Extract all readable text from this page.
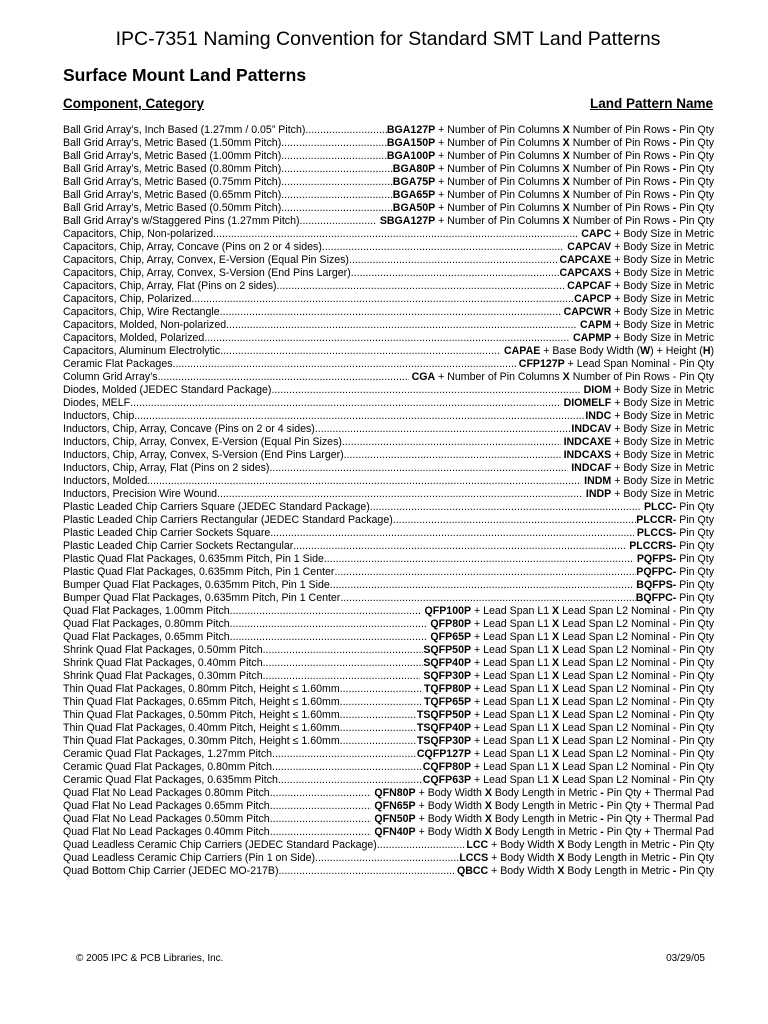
IPC-7351 Naming Convention for Standard SMT Land Patterns
Surface Mount Land Patterns
Component, Category	Land Pattern Name
Ball Grid Array’s, Inch Based (1.27mm / 0.05” Pitch) .....	BGA127P + Number of Pin Columns X Number of Pin Rows - Pin Qty
Ball Grid Array’s, Metric Based (1.50mm Pitch) .....	BGA150P + Number of Pin Columns X Number of Pin Rows - Pin Qty
Ball Grid Array’s, Metric Based (1.00mm Pitch) .....	BGA100P + Number of Pin Columns X Number of Pin Rows - Pin Qty
Ball Grid Array’s, Metric Based (0.80mm Pitch) .....	BGA80P + Number of Pin Columns X Number of Pin Rows - Pin Qty
Ball Grid Array’s, Metric Based (0.75mm Pitch) .....	BGA75P + Number of Pin Columns X Number of Pin Rows - Pin Qty
Ball Grid Array’s, Metric Based (0.65mm Pitch) .....	BGA65P + Number of Pin Columns X Number of Pin Rows - Pin Qty
Ball Grid Array’s, Metric Based (0.50mm Pitch) .....	BGA50P + Number of Pin Columns X Number of Pin Rows - Pin Qty
Ball Grid Array’s w/Staggered Pins (1.27mm Pitch) .....	SBGA127P + Number of Pin Columns X Number of Pin Rows - Pin Qty
Capacitors, Chip, Non-polarized .....	CAPC + Body Size in Metric
Capacitors, Chip, Array, Concave (Pins on 2 or 4 sides) .....	CAPCAV + Body Size in Metric
Capacitors, Chip, Array, Convex, E-Version (Equal Pin Sizes) .....	CAPCAXE + Body Size in Metric
Capacitors, Chip, Array, Convex, S-Version (End Pins Larger) .....	CAPCAXS + Body Size in Metric
Capacitors, Chip, Array, Flat (Pins on 2 sides) .....	CAPCAF + Body Size in Metric
Capacitors, Chip, Polarized .....	CAPCP + Body Size in Metric
Capacitors, Chip, Wire Rectangle .....	CAPCWR + Body Size in Metric
Capacitors, Molded, Non-polarized .....	CAPM + Body Size in Metric
Capacitors, Molded, Polarized .....	CAPMP + Body Size in Metric
Capacitors, Aluminum Electrolytic .....	CAPAE + Base Body Width (W) + Height (H)
Ceramic Flat Packages .....	CFP127P + Lead Span Nominal - Pin Qty
Column Grid Array’s .....	CGA + Number of Pin Columns X Number of Pin Rows - Pin Qty
Diodes, Molded (JEDEC Standard Package) .....	DIOM + Body Size in Metric
Diodes, MELF .....	DIOMELF + Body Size in Metric
Inductors, Chip .....	INDC + Body Size in Metric
Inductors, Chip, Array, Concave (Pins on 2 or 4 sides) .....	INDCAV + Body Size in Metric
Inductors, Chip, Array, Convex, E-Version (Equal Pin Sizes) .....	INDCAXE + Body Size in Metric
Inductors, Chip, Array, Convex, S-Version (End Pins Larger) .....	INDCAXS + Body Size in Metric
Inductors, Chip, Array, Flat (Pins on 2 sides) .....	INDCAF + Body Size in Metric
Inductors, Molded .....	INDM + Body Size in Metric
Inductors, Precision Wire Wound .....	INDP + Body Size in Metric
Plastic Leaded Chip Carriers Square (JEDEC Standard Package) .....	PLCC- Pin Qty
Plastic Leaded Chip Carriers Rectangular (JEDEC Standard Package) .....	PLCCR- Pin Qty
Plastic Leaded Chip Carrier Sockets Square .....	PLCCS- Pin Qty
Plastic Leaded Chip Carrier Sockets Rectangular .....	PLCCRS- Pin Qty
Plastic Quad Flat Packages, 0.635mm Pitch, Pin 1 Side .....	PQFPS- Pin Qty
Plastic Quad Flat Packages, 0.635mm Pitch, Pin 1 Center .....	PQFPC- Pin Qty
Bumper Quad Flat Packages, 0.635mm Pitch, Pin 1 Side .....	BQFPS- Pin Qty
Bumper Quad Flat Packages, 0.635mm Pitch, Pin 1 Center .....	BQFPC- Pin Qty
Quad Flat Packages, 1.00mm Pitch .....	QFP100P + Lead Span L1 X Lead Span L2 Nominal - Pin Qty
Quad Flat Packages, 0.80mm Pitch .....	QFP80P + Lead Span L1 X Lead Span L2 Nominal - Pin Qty
Quad Flat Packages, 0.65mm Pitch .....	QFP65P + Lead Span L1 X Lead Span L2 Nominal - Pin Qty
Shrink Quad Flat Packages, 0.50mm Pitch .....	SQFP50P + Lead Span L1 X Lead Span L2 Nominal - Pin Qty
Shrink Quad Flat Packages, 0.40mm Pitch .....	SQFP40P + Lead Span L1 X Lead Span L2 Nominal - Pin Qty
Shrink Quad Flat Packages, 0.30mm Pitch .....	SQFP30P + Lead Span L1 X Lead Span L2 Nominal - Pin Qty
Thin Quad Flat Packages, 0.80mm Pitch, Height ≤ 1.60mm .....	TQFP80P + Lead Span L1 X Lead Span L2 Nominal - Pin Qty
Thin Quad Flat Packages, 0.65mm Pitch, Height ≤ 1.60mm .....	TQFP65P + Lead Span L1 X Lead Span L2 Nominal - Pin Qty
Thin Quad Flat Packages, 0.50mm Pitch, Height ≤ 1.60mm .....	TSQFP50P + Lead Span L1 X Lead Span L2 Nominal - Pin Qty
Thin Quad Flat Packages, 0.40mm Pitch, Height ≤ 1.60mm .....	TSQFP40P + Lead Span L1 X Lead Span L2 Nominal - Pin Qty
Thin Quad Flat Packages, 0.30mm Pitch, Height ≤ 1.60mm .....	TSQFP30P + Lead Span L1 X Lead Span L2 Nominal - Pin Qty
Ceramic Quad Flat Packages, 1.27mm Pitch .....	CQFP127P + Lead Span L1 X Lead Span L2 Nominal - Pin Qty
Ceramic Quad Flat Packages, 0.80mm Pitch .....	CQFP80P + Lead Span L1 X Lead Span L2 Nominal - Pin Qty
Ceramic Quad Flat Packages, 0.635mm Pitch .....	CQFP63P + Lead Span L1 X Lead Span L2 Nominal - Pin Qty
Quad Flat No Lead Packages 0.80mm Pitch .....	QFN80P + Body Width X Body Length in Metric - Pin Qty + Thermal Pad
Quad Flat No Lead Packages 0.65mm Pitch .....	QFN65P + Body Width X Body Length in Metric - Pin Qty + Thermal Pad
Quad Flat No Lead Packages 0.50mm Pitch .....	QFN50P + Body Width X Body Length in Metric - Pin Qty + Thermal Pad
Quad Flat No Lead Packages 0.40mm Pitch .....	QFN40P + Body Width X Body Length in Metric - Pin Qty + Thermal Pad
Quad Leadless Ceramic Chip Carriers (JEDEC Standard Package) .....	LCC + Body Width X Body Length in Metric - Pin Qty
Quad Leadless Ceramic Chip Carriers (Pin 1 on Side) .....	LCCS + Body Width X Body Length in Metric - Pin Qty
Quad Bottom Chip Carrier (JEDEC MO-217B) .....	QBCC + Body Width X Body Length in Metric - Pin Qty
© 2005 IPC & PCB Libraries, Inc.	03/29/05
